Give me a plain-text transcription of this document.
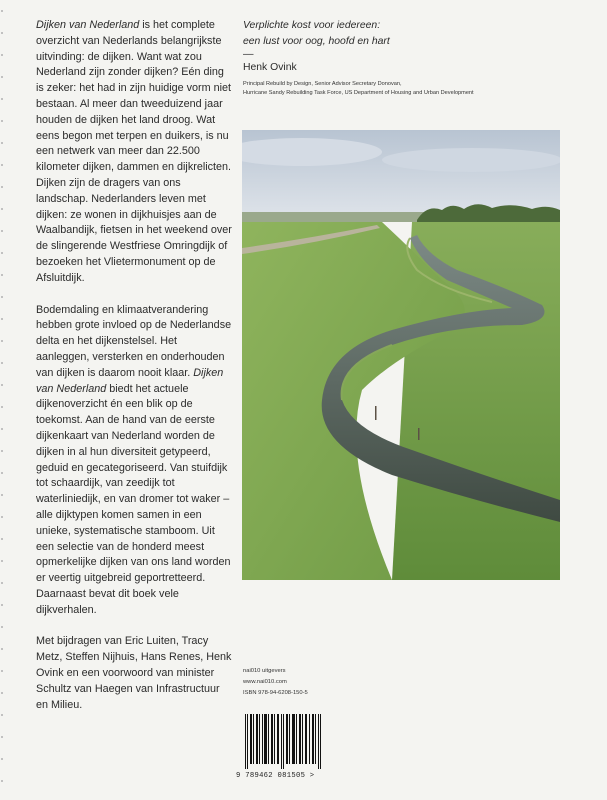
Dijken van Nederland is het complete overzicht van Nederlands belangrijkste uitvinding: de dijken. Want wat zou Nederland zijn zonder dijken? Eén ding is zeker: het had in zijn huidige vorm niet bestaan. Al meer dan tweeduizend jaar houden de dijken het land droog. Wat eens begon met terpen en duikers, is nu een netwerk van meer dan 22.500 kilometer dijken, dammen en dijkrelicten. Dijken zijn de dragers van ons landschap. Nederlanders leven met dijken: ze wonen in dijkhuisjes aan de Waalbandijk, fietsen in het weekend over de slingerende Westfriese Omringdijk of bezoeken het Vlietermonument op de Afsluitdijk.

Bodemdaling en klimaatverandering hebben grote invloed op de Nederlandse delta en het dijkenstelsel. Het aanleggen, versterken en onderhouden van dijken is daarom nooit klaar. Dijken van Nederland biedt het actuele dijkenoverzicht én een blik op de toekomst. Aan de hand van de eerste dijkenkaart van Nederland worden de dijken in al hun diversiteit getypeerd, geduid en gecategoriseerd. Van stuifdijk tot schaardijk, van zeedijk tot waterliniedijk, en van dromer tot waker – alle dijktypen komen samen in een unieke, systematische stamboom. Uit een selectie van de honderd meest opmerkelijke dijken van ons land worden er veertig uitgebreid geportretteerd. Daarnaast bevat dit boek vele dijkverhalen.

Met bijdragen van Eric Luiten, Tracy Metz, Steffen Nijhuis, Hans Renes, Henk Ovink en een voorwoord van minister Schultz van Haegen van Infrastructuur en Milieu.

Verplichte kost voor iedereen:
een lust voor oog, hoofd en hart
—
Henk Ovink
Principal Rebuild by Design, Senior Advisor Secretary Donovan,
Hurricane Sandy Rebuilding Task Force, US Department of Housing and Urban Development
nai010 uitgevers
www.nai010.com
ISBN 978-94-6208-150-5
9 789462 081505 >
